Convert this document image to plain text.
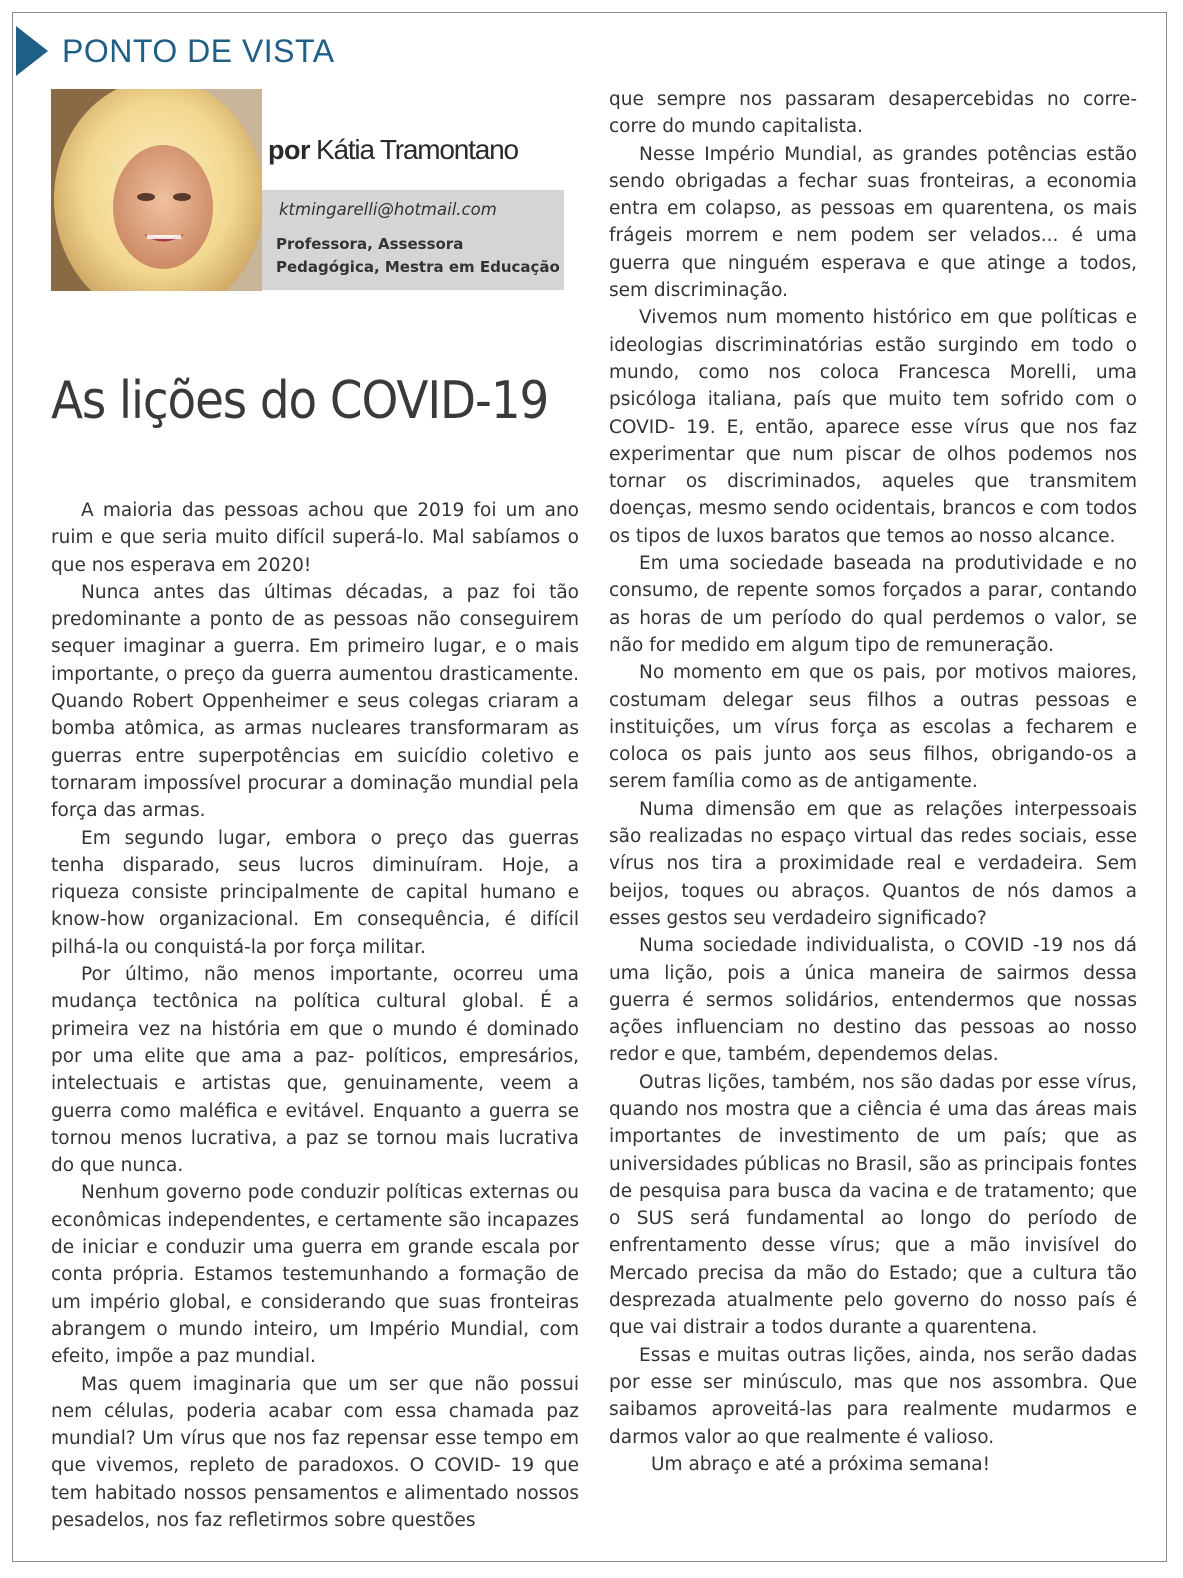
PONTO DE VISTA
por Kátia Tramontano
ktmingarelli@hotmail.com
Professora, Assessora Pedagógica, Mestra em Educação
As lições do COVID-19

A maioria das pessoas achou que 2019 foi um ano ruim e que seria muito difícil superá-lo. Mal sabíamos o que nos esperava em 2020!

Nunca antes das últimas décadas, a paz foi tão predominante a ponto de as pessoas não conseguirem sequer imaginar a guerra. Em primeiro lugar, e o mais importante, o preço da guerra aumentou drasticamente. Quando Robert Oppenheimer e seus colegas criaram a bomba atômica, as armas nucleares transformaram as guerras entre superpotências em suicídio coletivo e tornaram impossível procurar a dominação mundial pela força das armas.

Em segundo lugar, embora o preço das guerras tenha disparado, seus lucros diminuíram. Hoje, a riqueza consiste principalmente de capital humano e know-how organizacional. Em consequência, é difícil pilhá-la ou conquistá-la por força militar.

Por último, não menos importante, ocorreu uma mudança tectônica na política cultural global. É a primeira vez na história em que o mundo é dominado por uma elite que ama a paz- políticos, empresários, intelectuais e artistas que, genuinamente, veem a guerra como maléfica e evitável. Enquanto a guerra se tornou menos lucrativa, a paz se tornou mais lucrativa do que nunca.

Nenhum governo pode conduzir políticas externas ou econômicas independentes, e certamente são incapazes de iniciar e conduzir uma guerra em grande escala por conta própria. Estamos testemunhando a formação de um império global, e considerando que suas fronteiras abrangem o mundo inteiro, um Império Mundial, com efeito, impõe a paz mundial.

Mas quem imaginaria que um ser que não possui nem células, poderia acabar com essa chamada paz mundial? Um vírus que nos faz repensar esse tempo em que vivemos, repleto de paradoxos. O COVID- 19 que tem habitado nossos pensamentos e alimentado nossos pesadelos, nos faz refletirmos sobre questões

que sempre nos passaram desapercebidas no corre-corre do mundo capitalista.

Nesse Império Mundial, as grandes potências estão sendo obrigadas a fechar suas fronteiras, a economia entra em colapso, as pessoas em quarentena, os mais frágeis morrem e nem podem ser velados... é uma guerra que ninguém esperava e que atinge a todos, sem discriminação.

Vivemos num momento histórico em que políticas e ideologias discriminatórias estão surgindo em todo o mundo, como nos coloca Francesca Morelli, uma psicóloga italiana, país que muito tem sofrido com o COVID- 19. E, então, aparece esse vírus que nos faz experimentar que num piscar de olhos podemos nos tornar os discriminados, aqueles que transmitem doenças, mesmo sendo ocidentais, brancos e com todos os tipos de luxos baratos que temos ao nosso alcance.

Em uma sociedade baseada na produtividade e no consumo, de repente somos forçados a parar, contando as horas de um período do qual perdemos o valor, se não for medido em algum tipo de remuneração.

No momento em que os pais, por motivos maiores, costumam delegar seus filhos a outras pessoas e instituições, um vírus força as escolas a fecharem e coloca os pais junto aos seus filhos, obrigando-os a serem família como as de antigamente.

Numa dimensão em que as relações interpessoais são realizadas no espaço virtual das redes sociais, esse vírus nos tira a proximidade real e verdadeira. Sem beijos, toques ou abraços. Quantos de nós damos a esses gestos seu verdadeiro significado?

Numa sociedade individualista, o COVID -19 nos dá uma lição, pois a única maneira de sairmos dessa guerra é sermos solidários, entendermos que nossas ações influenciam no destino das pessoas ao nosso redor e que, também, dependemos delas.

Outras lições, também, nos são dadas por esse vírus, quando nos mostra que a ciência é uma das áreas mais importantes de investimento de um país; que as universidades públicas no Brasil, são as principais fontes de pesquisa para busca da vacina e de tratamento; que o SUS será fundamental ao longo do período de enfrentamento desse vírus; que a mão invisível do Mercado precisa da mão do Estado; que a cultura tão desprezada atualmente pelo governo do nosso país é que vai distrair a todos durante a quarentena.

Essas e muitas outras lições, ainda, nos serão dadas por esse ser minúsculo, mas que nos assombra. Que saibamos aproveitá-las para realmente mudarmos e darmos valor ao que realmente é valioso.

Um abraço e até a próxima semana!
